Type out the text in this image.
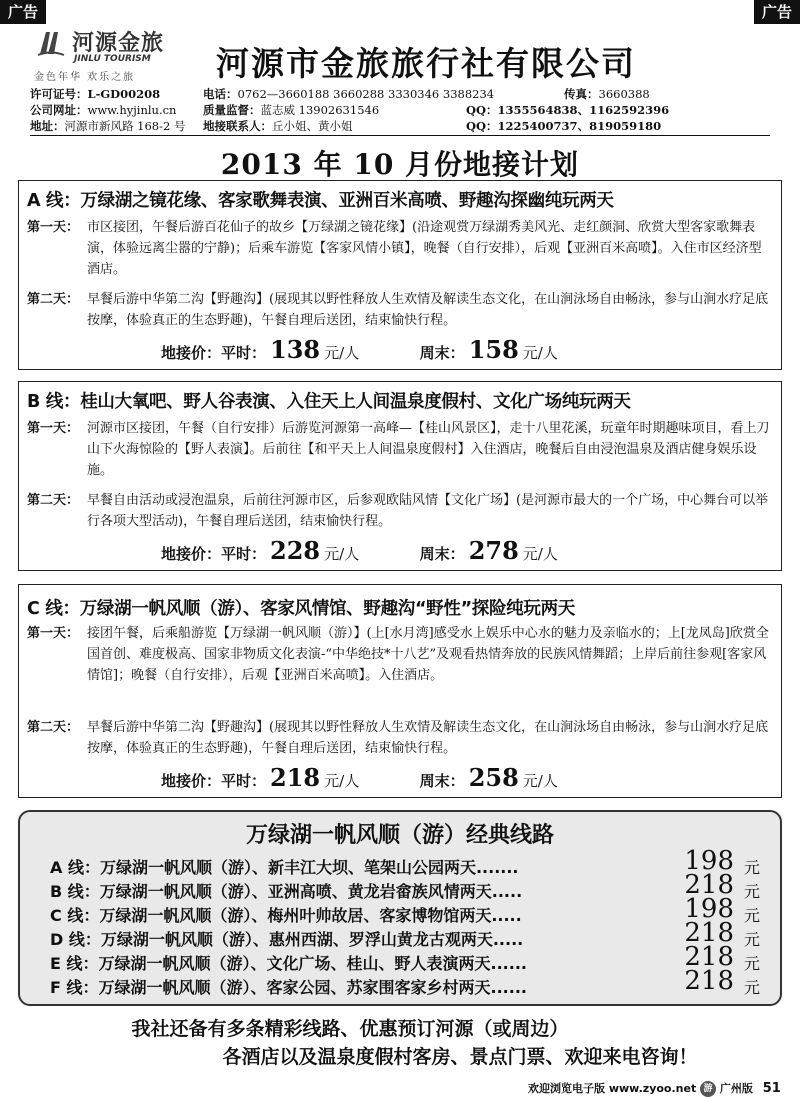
广告	广告
河源金旅
JINLU TOURISM
金色年华 欢乐之旅 河源市金旅旅行社有限公司
许可证号：L-GD00208	电话：0762—3660188 3660288 3330346 3388234	传真：3660388
公司网址：www.hyjinlu.cn 质量监督：蓝志威 13902631546	QQ：1355564838、1162592396
地址：河源市新风路 168-2 号 地接联系人：丘小姐、黄小姐	QQ：1225400737、819059180
2013 年 10 月份地接计划
A 线：万绿湖之镜花缘、客家歌舞表演、亚洲百米高喷、野趣沟探幽纯玩两天
第一天： 市区接团，午餐后游百花仙子的故乡【万绿湖之镜花缘】(沿途观赏万绿湖秀美风光、走红颜洞、欣赏大型客家歌舞表演，体验远离尘嚣的宁静)；后乘车游览【客家风情小镇】，晚餐（自行安排），后观【亚洲百米高喷】。入住市区经济型酒店。
第二天： 早餐后游中华第二沟【野趣沟】(展现其以野性释放人生欢情及解读生态文化，在山涧泳场自由畅泳，参与山涧水疗足底按摩，体验真正的生态野趣)，午餐自理后送团，结束愉快行程。
地接价：平时： 138 元/人	周末： 158 元/人
B 线：桂山大氧吧、野人谷表演、入住天上人间温泉度假村、文化广场纯玩两天
第一天： 河源市区接团，午餐（自行安排）后游览河源第一高峰—【桂山风景区】，走十八里花溪，玩童年时期趣味项目，看上刀山下火海惊险的【野人表演】。后前往【和平天上人间温泉度假村】入住酒店，晚餐后自由浸泡温泉及酒店健身娱乐设施。
第二天： 早餐自由活动或浸泡温泉，后前往河源市区，后参观欧陆风情【文化广场】(是河源市最大的一个广场，中心舞台可以举行各项大型活动)，午餐自理后送团，结束愉快行程。
地接价：平时： 228 元/人	周末： 278 元/人
C 线：万绿湖一帆风顺（游）、客家风情馆、野趣沟“野性”探险纯玩两天
第一天： 接团午餐，后乘船游览【万绿湖一帆风顺（游）】(上[水月湾]感受水上娱乐中心水的魅力及亲临水的；上[龙凤岛]欣赏全国首创、难度极高、国家非物质文化表演-“中华绝技*十八艺”及观看热情奔放的民族风情舞蹈；上岸后前往参观[客家风情馆]；晚餐（自行安排），后观【亚洲百米高喷】。入住酒店。
第二天： 早餐后游中华第二沟【野趣沟】(展现其以野性释放人生欢情及解读生态文化，在山涧泳场自由畅泳，参与山涧水疗足底按摩，体验真正的生态野趣)，午餐自理后送团，结束愉快行程。
地接价：平时： 218 元/人	周末： 258 元/人
万绿湖一帆风顺（游）经典线路
A 线：万绿湖一帆风顺（游）、新丰江大坝、笔架山公园两天.......	198 元
B 线：万绿湖一帆风顺（游）、亚洲高喷、黄龙岩畲族风情两天.....	218 元
C 线：万绿湖一帆风顺（游）、梅州叶帅故居、客家博物馆两天.....	198 元
D 线：万绿湖一帆风顺（游）、惠州西湖、罗浮山黄龙古观两天.....	218 元
E 线：万绿湖一帆风顺（游）、文化广场、桂山、野人表演两天......	218 元
F 线：万绿湖一帆风顺（游）、客家公园、苏家围客家乡村两天......	218 元
我社还备有多条精彩线路、优惠预订河源（或周边）
各酒店以及温泉度假村客房、景点门票、欢迎来电咨询！
欢迎浏览电子版 www.zyoo.net 游 广州版 51
